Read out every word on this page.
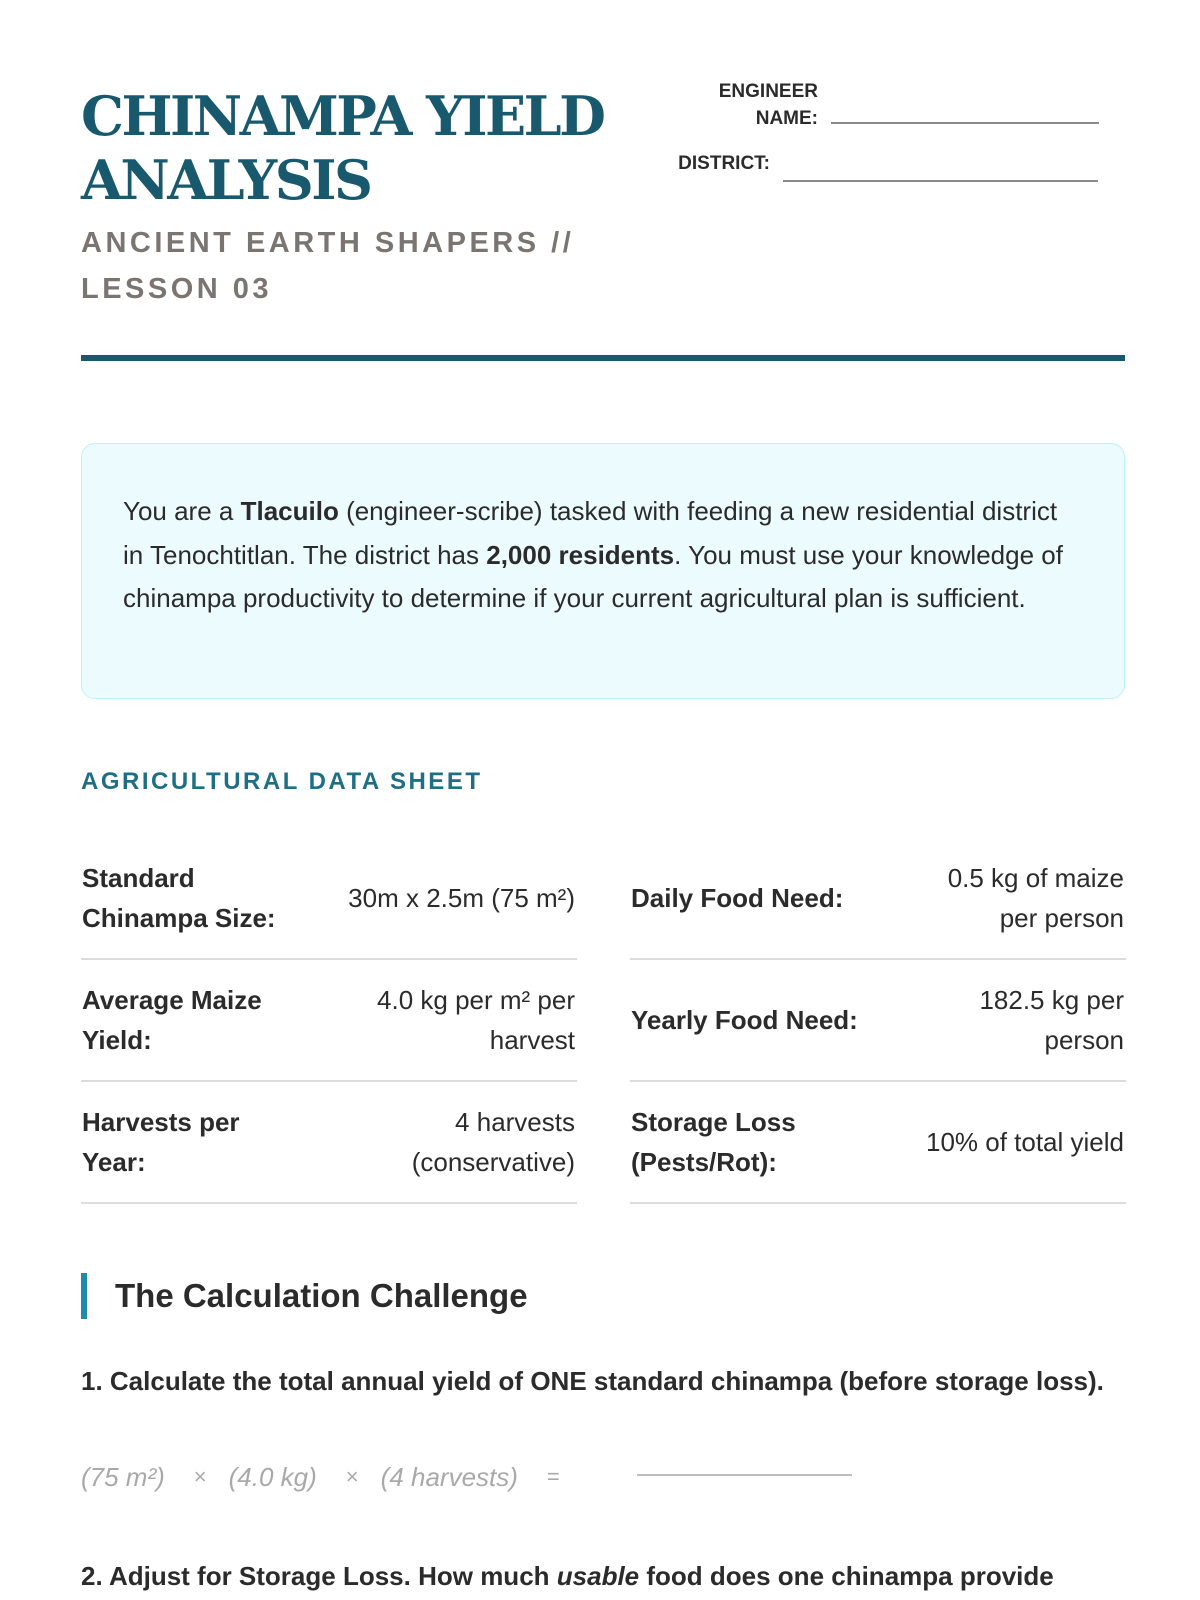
CHINAMPA YIELD ANALYSIS
ANCIENT EARTH SHAPERS // LESSON 03
ENGINEER NAME:
DISTRICT:
You are a Tlacuilo (engineer-scribe) tasked with feeding a new residential district in Tenochtitlan. The district has 2,000 residents. You must use your knowledge of chinampa productivity to determine if your current agricultural plan is sufficient.
AGRICULTURAL DATA SHEET
Standard Chinampa Size:
30m x 2.5m (75 m²)
Average Maize Yield:
4.0 kg per m² per harvest
Harvests per Year:
4 harvests (conservative)
Daily Food Need:
0.5 kg of maize per person
Yearly Food Need:
182.5 kg per person
Storage Loss (Pests/Rot):
10% of total yield
The Calculation Challenge
1. Calculate the total annual yield of ONE standard chinampa (before storage loss).
(75 m²) × (4.0 kg) × (4 harvests) =
2. Adjust for Storage Loss. How much usable food does one chinampa provide
